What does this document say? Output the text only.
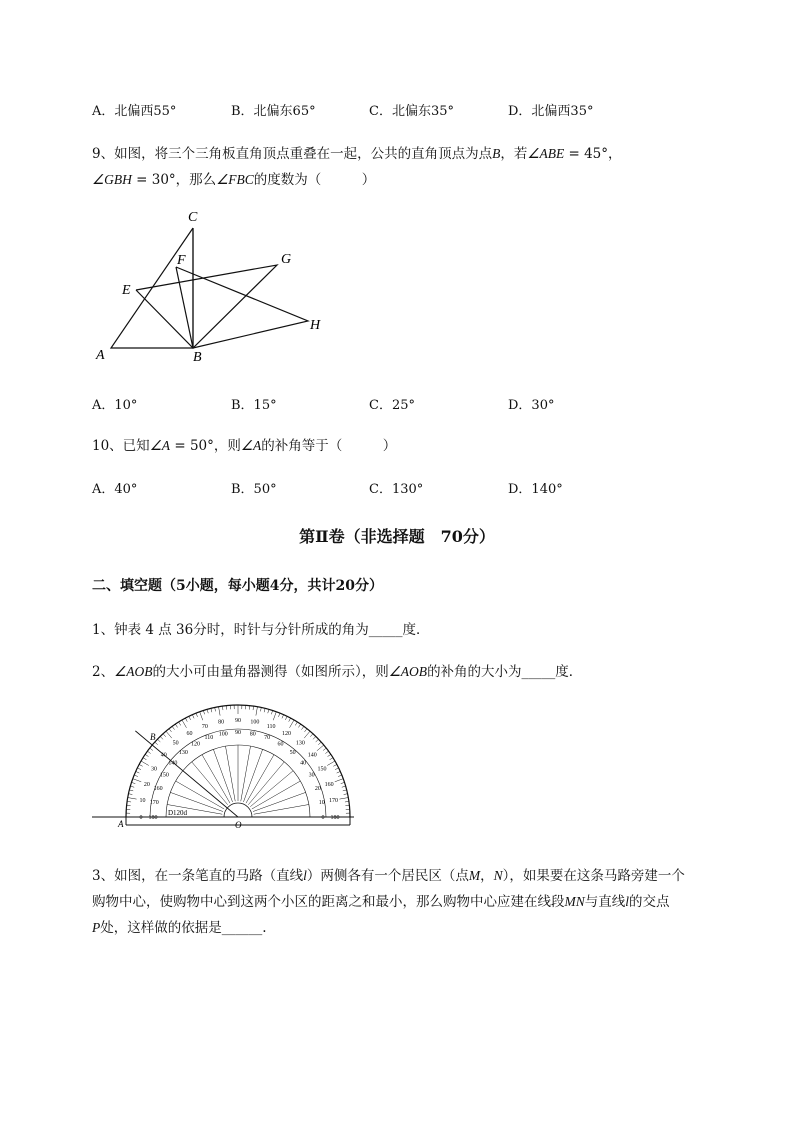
A．北偏西55°	B．北偏东65°	C．北偏东35°	D．北偏西35°
9、如图，将三个三角板直角顶点重叠在一起，公共的直角顶点为点B，若∠ABE = 45°，
∠GBH = 30°，那么∠FBC的度数为（　　　）
C
F	G
E
H
A	B
A．10°	B．15°	C．25°	D．30°
10、已知∠A = 50°，则∠A的补角等于（　　　）
A．40°	B．50°	C．130°	D．140°
第Ⅱ卷（非选择题　70分）
二、填空题（5小题，每小题4分，共计20分）
1、钟表 4 点 36分时，时针与分针所成的角为_____度．
2、∠AOB的大小可由量角器测得（如图所示），则∠AOB的补角的大小为_____度．
180
0
170
10
160
20
150
30
140
40
130
50
120
60
110
70
100
80
90
90
80
100
70
110
60
120
50
130
40
140
30
150
20
160
10 170
0 180
B
A	O
D120d
3、如图，在一条笔直的马路（直线l）两侧各有一个居民区（点M，N），如果要在这条马路旁建一个
购物中心，使购物中心到这两个小区的距离之和最小，那么购物中心应建在线段MN与直线l的交点
P处，这样做的依据是______.
